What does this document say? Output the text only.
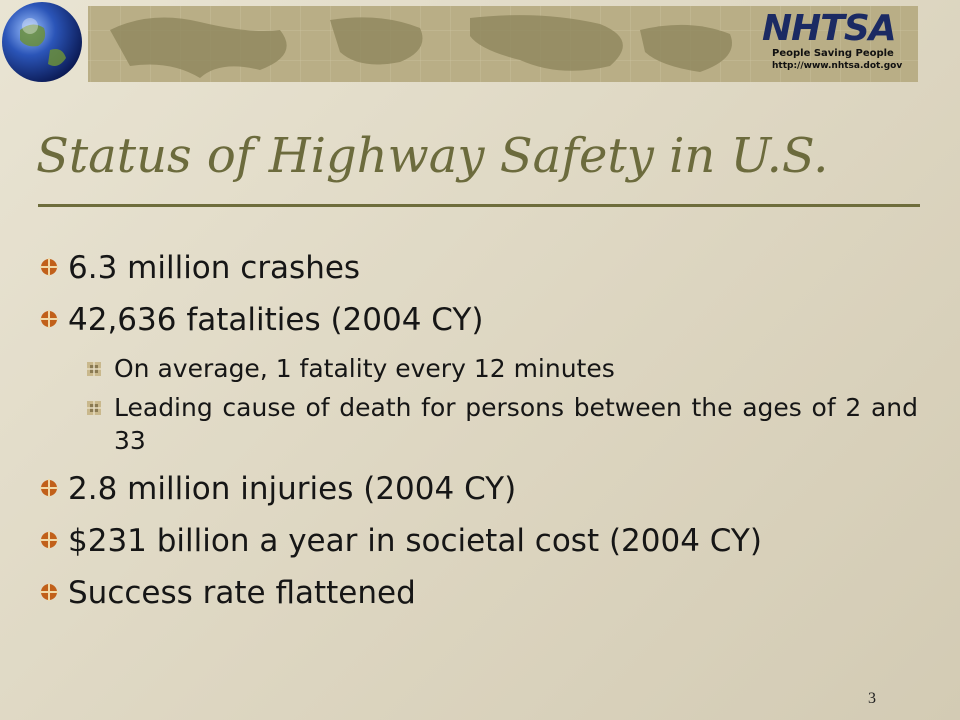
NHTSA
People Saving People
http://www.nhtsa.dot.gov
Status of Highway Safety in U.S.
6.3 million crashes
42,636 fatalities (2004 CY)
On average, 1 fatality every 12 minutes
Leading cause of death for persons between the ages of 2 and 33
2.8 million injuries (2004 CY)
$231 billion a year in societal cost (2004 CY)
Success rate flattened
3
